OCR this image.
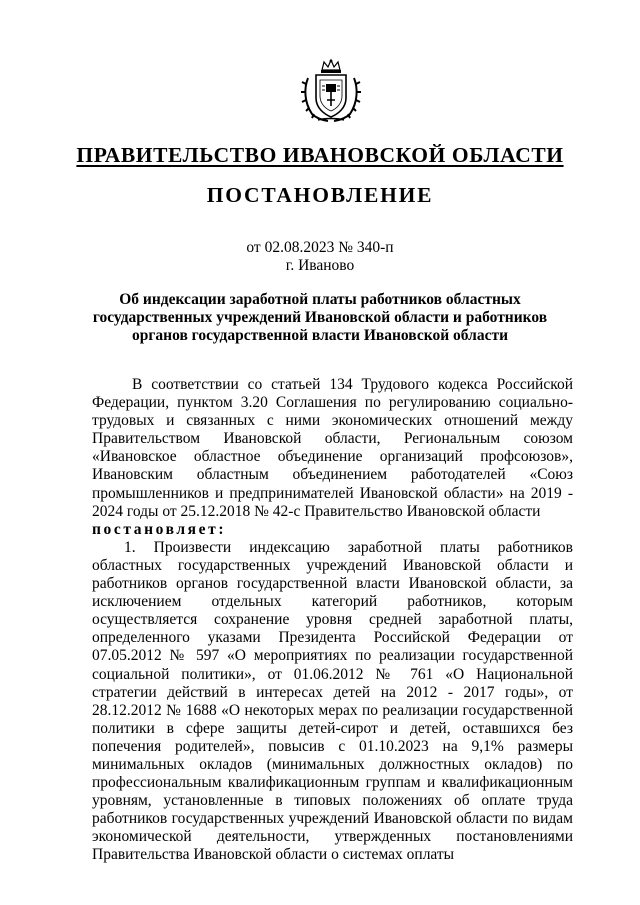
ПРАВИТЕЛЬСТВО ИВАНОВСКОЙ ОБЛАСТИ
ПОСТАНОВЛЕНИЕ
от 02.08.2023 № 340-п
г. Иваново
Об индексации заработной платы работников областных
государственных учреждений Ивановской области и работников
органов государственной власти Ивановской области

В соответствии со статьей 134 Трудового кодекса Российской Федерации, пунктом 3.20 Соглашения по регулированию социально-трудовых и связанных с ними экономических отношений между Правительством Ивановской области, Региональным союзом «Ивановское областное объединение организаций профсоюзов», Ивановским областным объединением работодателей «Союз промышленников и предпринимателей Ивановской области» на 2019 - 2024 годы от 25.12.2018 № 42-с Правительство Ивановской области

постановляет:

1. Произвести индексацию заработной платы работников областных государственных учреждений Ивановской области и работников органов государственной власти Ивановской области, за исключением отдельных категорий работников, которым осуществляется сохранение уровня средней заработной платы, определенного указами Президента Российской Федерации от 07.05.2012 № 597 «О мероприятиях по реализации государственной социальной политики», от 01.06.2012 № 761 «О Национальной стратегии действий в интересах детей на 2012 - 2017 годы», от 28.12.2012 № 1688 «О некоторых мерах по реализации государственной политики в сфере защиты детей-сирот и детей, оставшихся без попечения родителей», повысив с 01.10.2023 на 9,1% размеры минимальных окладов (минимальных должностных окладов) по профессиональным квалификационным группам и квалификационным уровням, установленные в типовых положениях об оплате труда работников государственных учреждений Ивановской области по видам экономической деятельности, утвержденных постановлениями Правительства Ивановской области о системах оплаты
